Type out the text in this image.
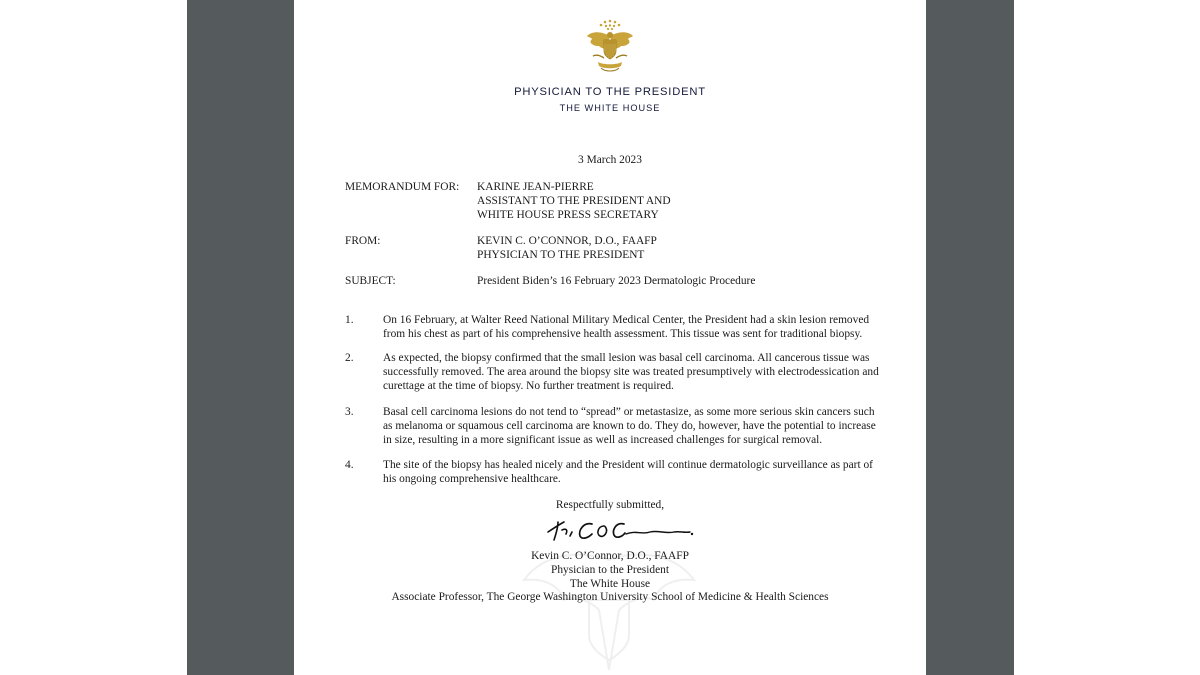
PHYSICIAN TO THE PRESIDENT
THE WHITE HOUSE
3 March 2023
MEMORANDUM FOR: KARINE JEAN-PIERRE
ASSISTANT TO THE PRESIDENT AND
WHITE HOUSE PRESS SECRETARY
FROM:	KEVIN C. O’CONNOR, D.O., FAAFP
PHYSICIAN TO THE PRESIDENT
SUBJECT:	President Biden’s 16 February 2023 Dermatologic Procedure
1.	On 16 February, at Walter Reed National Military Medical Center, the President had a skin lesion removed
from his chest as part of his comprehensive health assessment. This tissue was sent for traditional biopsy.
2.	As expected, the biopsy confirmed that the small lesion was basal cell carcinoma. All cancerous tissue was
successfully removed. The area around the biopsy site was treated presumptively with electrodessication and
curettage at the time of biopsy. No further treatment is required.
3.	Basal cell carcinoma lesions do not tend to “spread” or metastasize, as some more serious skin cancers such
as melanoma or squamous cell carcinoma are known to do. They do, however, have the potential to increase
in size, resulting in a more significant issue as well as increased challenges for surgical removal.
4.	The site of the biopsy has healed nicely and the President will continue dermatologic surveillance as part of
his ongoing comprehensive healthcare.
Respectfully submitted,
Kevin C. O’Connor, D.O., FAAFP
Physician to the President
The White House
Associate Professor, The George Washington University School of Medicine & Health Sciences
